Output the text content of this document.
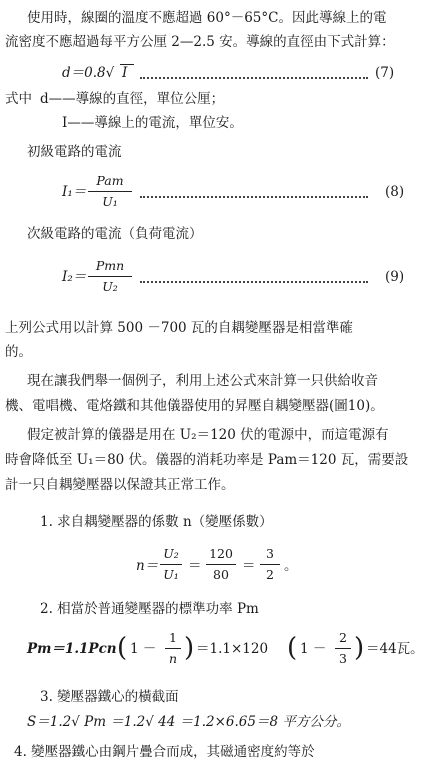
使用時，線圈的溫度不應超過 60°－65°C。因此導線上的電
流密度不應超過每平方公厘 2—2.5 安。導線的直徑由下式計算：
d＝0.8√ I	(7)
式中 d——導線的直徑，單位公厘；
I——導線上的電流，單位安。
初級電路的電流
I₁＝
Pam
U₁
(8)
次級電路的電流（負荷電流）
I₂＝
Pmn
U₂
(9)
上列公式用以計算 500 －700 瓦的自耦變壓器是相當準確
的。
現在讓我們舉一個例子，利用上述公式來計算一只供給收音
機、電唱機、電烙鐵和其他儀器使用的昇壓自耦變壓器(圖10)。
假定被計算的儀器是用在 U₂＝120 伏的電源中，而這電源有
時會降低至 U₁＝80 伏。儀器的消耗功率是 Pam＝120 瓦，需要設
計一只自耦變壓器以保證其正常工作。
1. 求自耦變壓器的係數 n（變壓係數）
n＝
U₂
U₁
＝
120
80
＝
3
2
。
2. 相當於普通變壓器的標準功率 Pm
Pm＝1.1Pcn ( 1 －
1
n ) ＝1.1×120 ( 1 －
2
3 ) ＝44瓦。
3. 變壓器鐵心的橫截面
S＝1.2√ Pm ＝1.2√ 44 ＝1.2×6.65＝8 平方公分。
4. 變壓器鐵心由鋼片疊合而成，其磁通密度約等於
